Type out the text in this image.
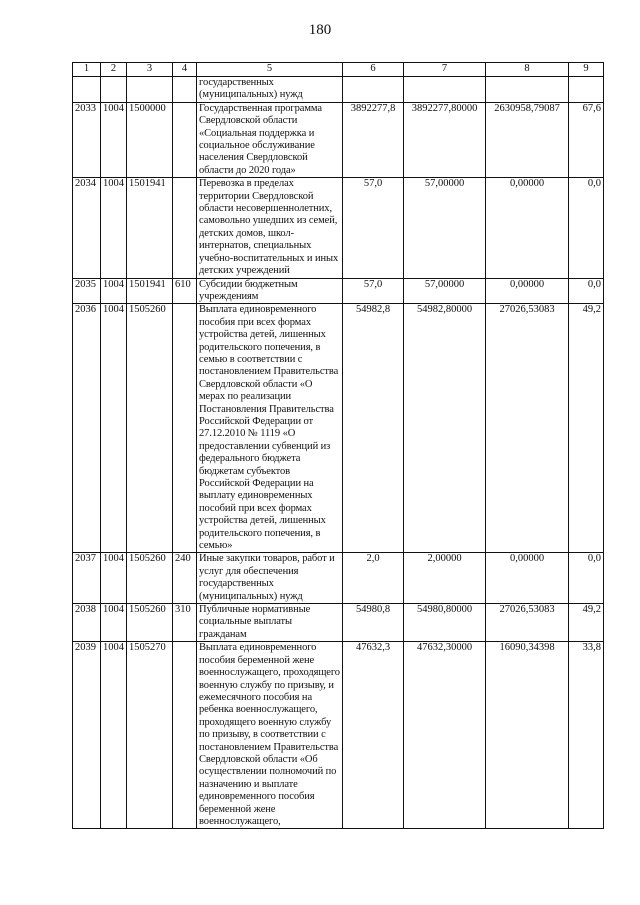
180
1	2	3	4	5	6	7	8	9
				государственных (муниципальных) нужд				
2033	1004	1500000		Государственная программа Свердловской области «Социальная поддержка и социальное обслуживание населения Свердловской области до 2020 года»	3892277,8	3892277,80000	2630958,79087	67,6
2034	1004	1501941		Перевозка в пределах территории Свердловской области несовершеннолетних, самовольно ушедших из семей, детских домов, школ-интернатов, специальных учебно-воспитательных и иных детских учреждений	57,0	57,00000	0,00000	0,0
2035	1004	1501941	610	Субсидии бюджетным учреждениям	57,0	57,00000	0,00000	0,0
2036	1004	1505260		Выплата единовременного пособия при всех формах устройства детей, лишенных родительского попечения, в семью в соответствии с постановлением Правительства Свердловской области «О мерах по реализации Постановления Правительства Российской Федерации от 27.12.2010 № 1119 «О предоставлении субвенций из федерального бюджета бюджетам субъектов Российской Федерации на выплату единовременных пособий при всех формах устройства детей, лишенных родительского попечения, в семью»	54982,8	54982,80000	27026,53083	49,2
2037	1004	1505260	240	Иные закупки товаров, работ и услуг для обеспечения государственных (муниципальных) нужд	2,0	2,00000	0,00000	0,0
2038	1004	1505260	310	Публичные нормативные социальные выплаты гражданам	54980,8	54980,80000	27026,53083	49,2
2039	1004	1505270		Выплата единовременного пособия беременной жене военнослужащего, проходящего военную службу по призыву, и ежемесячного пособия на ребенка военнослужащего, проходящего военную службу по призыву, в соответствии с постановлением Правительства Свердловской области «Об осуществлении полномочий по назначению и выплате единовременного пособия беременной жене военнослужащего,	47632,3	47632,30000	16090,34398	33,8
